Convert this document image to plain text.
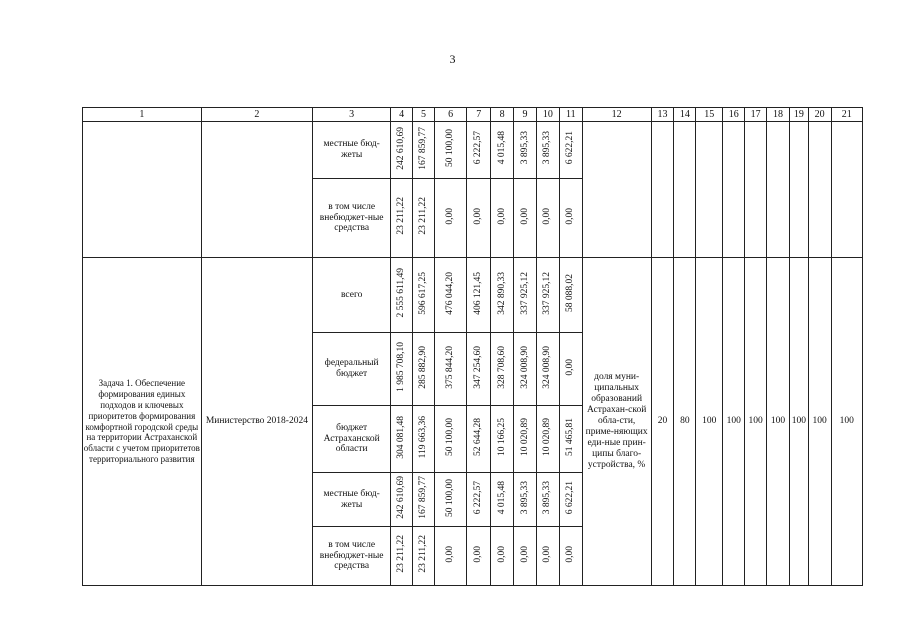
3
1	2	3	4	5	6	7	8	9	10	11	12	13	14	15	16	17	18	19	20	21
		местные бюд-жеты	242 610,69	167 859,77	50 100,00	6 222,57	4 015,48	3 895,33	3 895,33	6 622,21										
		в том числе внебюджет-ные средства	23 211,22	23 211,22	0,00	0,00	0,00	0,00	0,00	0,00										
Задача 1. Обеспечение формирования единых подходов и ключевых приоритетов формирования комфортной городской среды на территории Астраханской области с учетом приоритетов территориального развития	Министерство 2018-2024	всего	2 555 611,49	596 617,25	476 044,20	406 121,45	342 890,33	337 925,12	337 925,12	58 088,02	доля муни-ципальных образований Астрахан-ской обла-сти, приме-няющих еди-ные прин-ципы благо-устройства, %	20	80	100	100	100	100	100	100	100
		федеральный бюджет	1 985 708,10	285 882,90	375 844,20	347 254,60	328 708,60	324 008,90	324 008,90	0,00										
		бюджет Астраханской области	304 081,48	119 663,36	50 100,00	52 644,28	10 166,25	10 020,89	10 020,89	51 465,81										
		местные бюд-жеты	242 610,69	167 859,77	50 100,00	6 222,57	4 015,48	3 895,33	3 895,33	6 622,21										
		в том числе внебюджет-ные средства	23 211,22	23 211,22	0,00	0,00	0,00	0,00	0,00	0,00										
